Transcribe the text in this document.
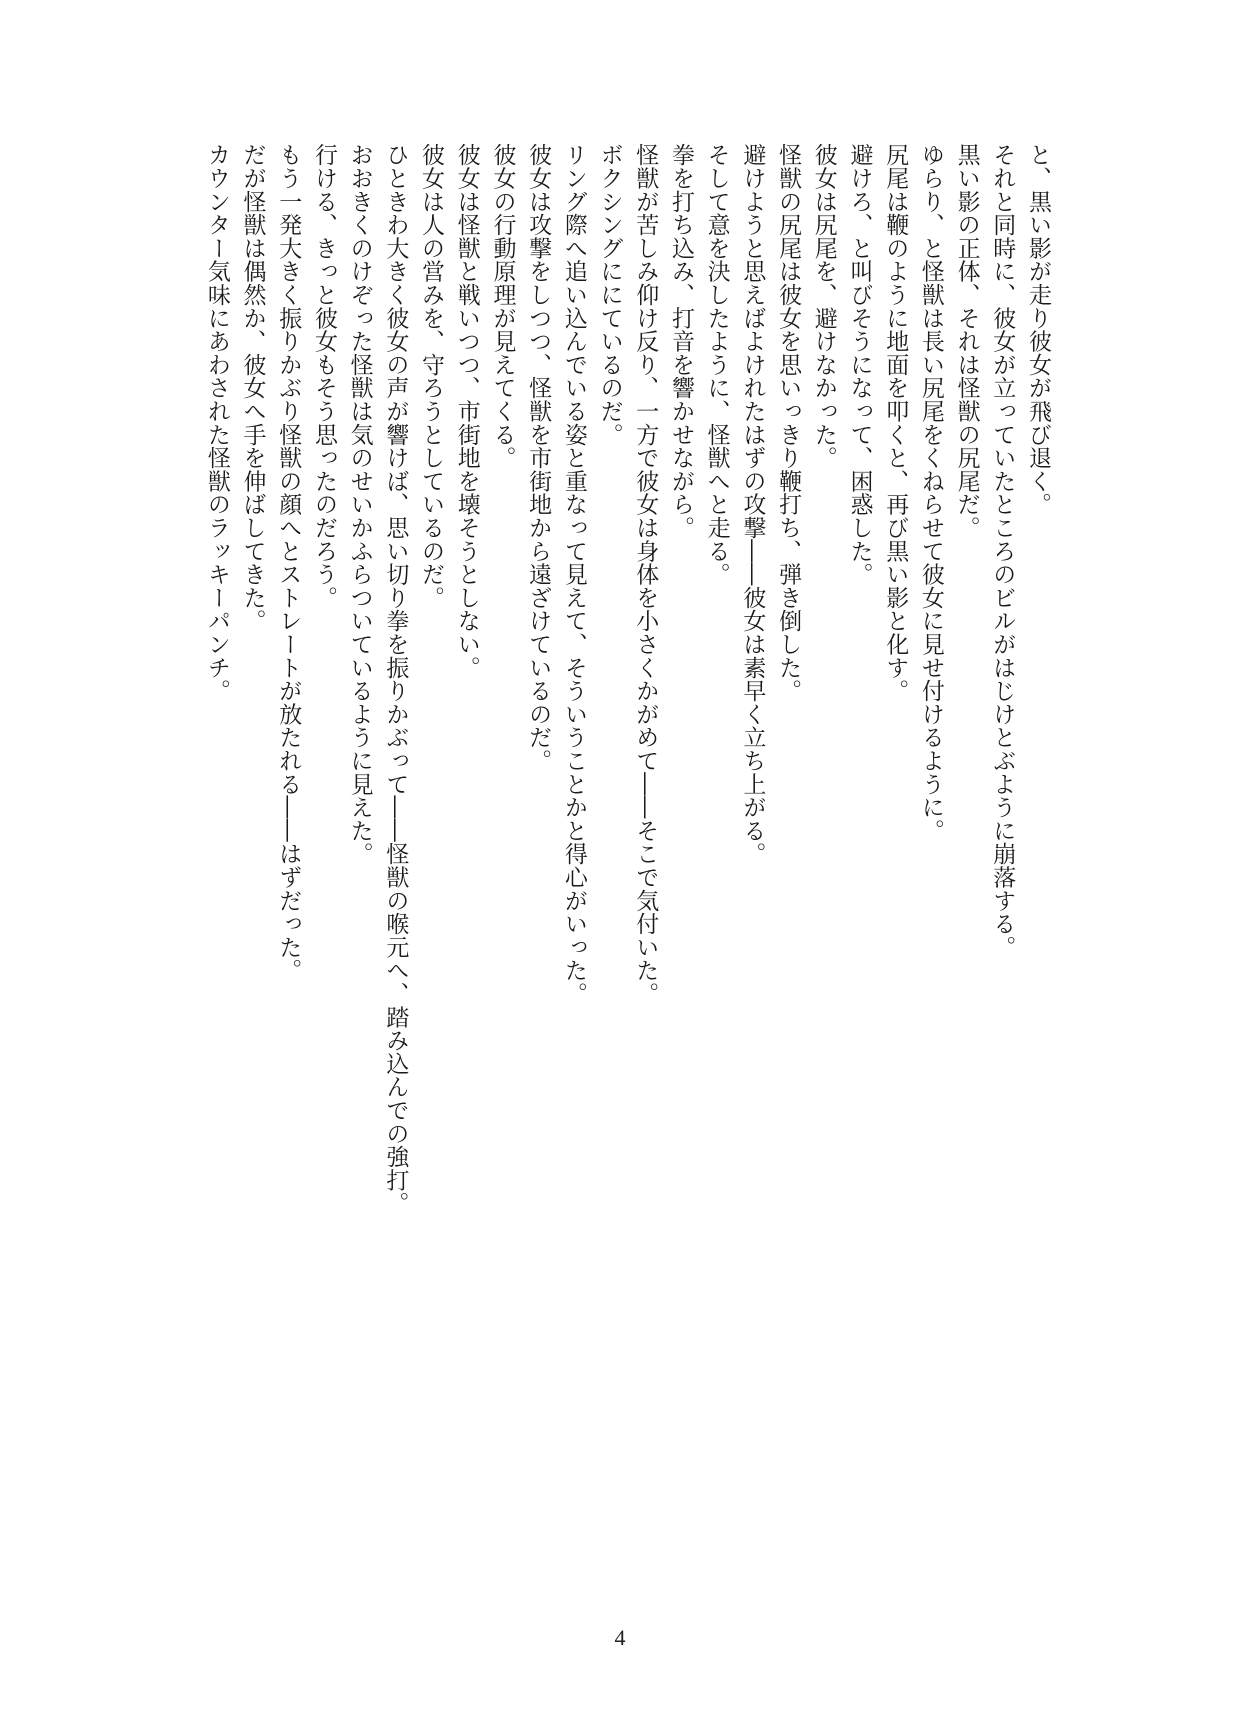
と、黒い影が走り彼女が飛び退く。
それと同時に、彼女が立っていたところのビルがはじけとぶように崩落する。
黒い影の正体、それは怪獣の尻尾だ。
ゆらり、と怪獣は長い尻尾をくねらせて彼女に見せ付けるように。
尻尾は鞭のように地面を叩くと、再び黒い影と化す。
避けろ、と叫びそうになって、困惑した。
彼女は尻尾を、避けなかった。
怪獣の尻尾は彼女を思いっきり鞭打ち、弾き倒した。
避けようと思えばよけれたはずの攻撃――彼女は素早く立ち上がる。
そして意を決したように、怪獣へと走る。
拳を打ち込み、打音を響かせながら。
怪獣が苦しみ仰け反り、一方で彼女は身体を小さくかがめて――そこで気付いた。
ボクシングににているのだ。
リング際へ追い込んでいる姿と重なって見えて、そういうことかと得心がいった。
彼女は攻撃をしつつ、怪獣を市街地から遠ざけているのだ。
彼女の行動原理が見えてくる。
彼女は怪獣と戦いつつ、市街地を壊そうとしない。
彼女は人の営みを、守ろうとしているのだ。
ひときわ大きく彼女の声が響けば、思い切り拳を振りかぶって――怪獣の喉元へ、踏み込んでの強打。
おおきくのけぞった怪獣は気のせいかふらついているように見えた。
行ける、きっと彼女もそう思ったのだろう。
もう一発大きく振りかぶり怪獣の顔へとストレートが放たれる――はずだった。
だが怪獣は偶然か、彼女へ手を伸ばしてきた。
カウンター気味にあわされた怪獣のラッキーパンチ。
4
